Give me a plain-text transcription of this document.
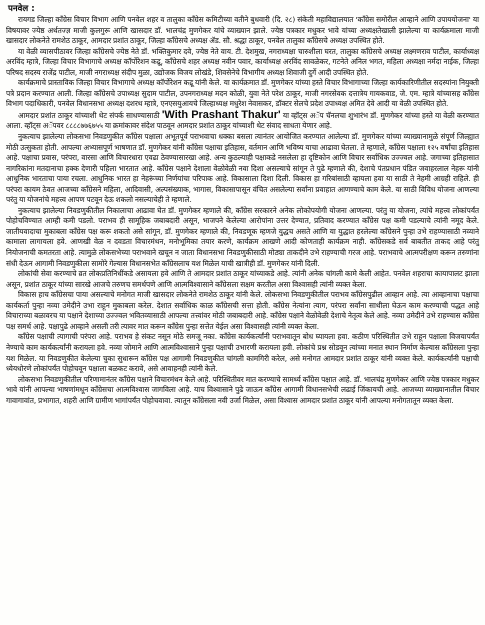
पनवेल :

रायगड जिल्हा काँग्रेस विचार विभाग आणि पनवेल शहर व तालुका काँग्रेस कमिटीच्या वतीने बुधवारी (दि. २८) संकेती महाविद्यालयात 'काँग्रेस समोरील आव्हाने आणि उपाययोजना' या विषयावर ज्येष्ठ अर्थतज्ज्ञ माजी कुलगुरू आणि खासदार डॉ. भालचंद्र मुणगेकर यांचे व्याख्यान झाले. ज्येष्ठ पत्रकार मधुकर भावे यांच्या अध्यक्षतेखाली झालेल्या या कार्यक्रमाला माजी खासदार लोकनेते रामशेठ ठाकूर, आमदार प्रशांत ठाकूर, जिल्हा काँग्रेसचे अध्यक्ष ॲड. सौ. श्रद्धा ठाकूर, पनवेल तालुका काँग्रेसचे अध्यक्ष उपस्थित होते.

या वेळी व्यासपीठावर जिल्हा काँग्रेसचे ज्येष्ठ नेते डॉ. भक्तिकुमार दवे, ज्येष्ठ नेते वाय. टी. देशमुख, नगराध्यक्षा चारुशीला घरत, तालुका काँग्रेसचे अध्यक्ष लक्ष्मणराव पाटील, कार्याध्यक्ष अरविंद म्हात्रे, जिल्हा विचार विभागाचे अध्यक्ष कॉर्पोरेशन कद्रू, काँग्रेसचे शहर अध्यक्ष नवीन पवार, कार्याध्यक्ष अरविंद सावळेकर, गटनेते अनिल भगत, महिला अध्यक्षा नर्मदा नाईक, जिल्हा परिषद सदस्य राजेंद्र पाटील, माजी नगराध्यक्ष संदीप मुळा, उद्योजक विजय लोखंडे, शिवसेनेचे विभागीय अध्यक्ष शिवाजी दुर्गे आदी उपस्थित होते.

कार्यक्रमाचे प्रास्ताविक जिल्हा विचार विभागाचे अध्यक्ष कॉर्पोरेशन कद्रू यांनी केले. या कार्यक्रमात डॉ. मुणगेकर यांच्या हस्ते विचार विभागाच्या जिल्हा कार्यकारिणीतील सदस्यांना नियुक्ती पत्रे प्रदान करण्यात आली. जिल्हा काँग्रेसचे उपाध्यक्ष सुदाम पाटील, उपनगराध्यक्ष मदन कोळी, युवा नेते परेश ठाकूर, माजी नगरसेवक दत्तात्रेय गायकवाड, जे. एम. म्हात्रे यांच्यासह काँग्रेस विभाग पदाधिकारी, पनवेल विधानसभा अध्यक्ष दशरथ म्हात्रे, एनएसयुआयचे जिल्हाध्यक्ष मधुरेश नेवासकर, डॉक्टर सेलचे प्रदेश उपाध्यक्ष अमित देवे आदी या वेळी उपस्थित होते.

आमदार प्रशांत ठाकूर यांच्याशी थेट संपर्क साधण्यासाठी 'With Prashant Thakur' या व्हॉट्स अॅप चॅनलचा शुभारंभ डॉ. मुणगेकर यांच्या हस्ते या वेळी करण्यात आला. व्हॉट्स अॅपवर ८८८८७७६७५५ या क्रमांकावर संदेश पाठवून आमदार प्रशांत ठाकूर यांच्याशी थेट संवाद साधता येणार आहे.

नुकत्याच झालेल्या लोकसभा निवडणुकीत काँग्रेस पक्षाला अभूतपूर्व पराभवाचा धक्का बसला त्यानंतर आयोजित करण्यात आलेल्या डॉ. मुणगेकर यांच्या व्याख्यानामुळे संपूर्ण जिल्ह्यात मोठी उत्सुकता होती. आपल्या अभ्यासपूर्ण भाषणात डॉ. मुणगेकर यांनी काँग्रेस पक्षाचा इतिहास, वर्तमान आणि भविष्य याचा आढावा घेतला. ते म्हणाले, काँग्रेस पक्षाला १२५ वर्षांचा इतिहास आहे. पक्षाचा प्रवास, परंपरा, वारसा आणि विचारधारा एवढा ठेवण्यासारखा आहे. अन्य कुठल्याही पक्षाकडे नसलेला हा दृष्टिकोन आणि विचार सर्वाधिक उज्ज्वल आहे. जगाच्या इतिहासात नागरिकांना मतदानाचा हक्क देणारी पहिला भारतात आहे. काँग्रेस पक्षाने देशाला वेळोवेळी नवा दिशा असल्याचे सांगून ते पुढे म्हणाले की, देशाचे पंतप्रधान पंडित जवाहरलाल नेहरू यांनी आधुनिक भारताचा पाया रचला. आधुनिक भारत हा नेहरूंच्या निर्णयांचा परिपाक आहे. विकासाला दिशा दिली. विकास हा गरिबांसाठी व्हायला हवा या साठी ते नेहमी आग्रही राहिले. ही परंपरा कायम ठेवत आजच्या काँग्रेसने महिला, आदिवासी, अल्पसंख्याक, भागास, विकासापासून वंचित असलेल्या सर्वांना प्रवाहात आणण्याचे काम केले. या साठी विविध योजना आणल्या परंतु या योजनांचे महत्त्व आपण पटवून देऊ शकलो नसल्याचेही ते म्हणाले.

नुकत्याच झालेल्या निवडणुकीतील निकालाचा आढावा घेत डॉ. मुणगेकर म्हणाले की, काँग्रेस सरकारने अनेक लोकोपयोगी योजना आणल्या. परंतु या योजना, त्यांचे महत्त्व लोकांपर्यंत पोहोचविण्यात आम्ही कमी पडलो. पराभव ही सामूहिक जबाबदारी असून, भाजपने केलेल्या आरोपांना उत्तर देण्यात, प्रतिवाद करण्यात काँग्रेस पक्ष कमी पडल्याचे त्यांनी नमूद केले. जातीयवादाचा मुकाबला काँग्रेस पक्ष करू शकतो असे सांगून, डॉ. मुणगेकर म्हणाले की, निवडणूक म्हणजे युद्धच असते आणि या युद्धात हरलेल्या काँग्रेसने पुन्हा उभे राहण्यासाठी नव्याने कामाला लागायला हवे. आणखी वेळ न दवडता विचारमंथन, मनोभूमिका तयार करणे, कार्यक्रम आखणे आदी कोणताही कार्यक्रम नाही. काँग्रेसकडे सर्व बाबतीत ताकद आहे परंतु नियोजनाची कमतरता आहे. त्यामुळे लोकसभेच्या पराभवाने खचून न जाता विधानसभा निवडणुकीसाठी मोठ्या ताकदीने उभे राहण्याची गरज आहे. पराभवाचे आत्मपरीक्षण करून तरुणांना संधी देऊन आगामी निवडणुकीला सामोरे गेल्यास विधानसभेत काँग्रेसलाच यश मिळेल याची खात्रीही डॉ. मुणगेकर यांनी दिली.

लोकांची सेवा करण्याचे व्रत लोकप्रतिनिधींकडे असायला हवे आणि ते आमदार प्रशांत ठाकूर यांच्याकडे आहे. त्यांनी अनेक चांगली कामे केली आहेत. पनवेल शहराचा कायापालट झाला असून, प्रशांत ठाकूर यांच्या सारखे आजचे तरुणच समर्थपणे आणि आत्मविश्वासाने काँग्रेसला सक्षम करतील असा विश्वासही त्यांनी व्यक्त केला.

विकास हाच काँग्रेसचा पाया असल्याचे मनोगत माजी खासदार लोकनेते रामशेठ ठाकूर यांनी केले. लोकसभा निवडणुकीतील पराभव काँग्रेसपुढील आव्हान आहे. त्या आव्हानाचा पक्षाचा कार्यकर्ता पुन्हा नव्या उमेदीने उभा राहून मुकाबला करेल. देशात सर्वाधिक काळ काँग्रेसची सत्ता होती. काँग्रेस नेत्यांना त्याग, परंपरा सर्वांना साथीला घेऊन काम करण्याची पद्धत आहे विचाराच्या बळावरच या पक्षाने देशाच्या उज्ज्वल भवितव्यासाठी आपल्या तत्त्वांवर मोठी जबाबदारी आहे. काँग्रेस पक्षाने वेळोवेळी देशाचे नेतृत्व केले आहे. नव्या उमेदीने उभे राहण्यास काँग्रेस पक्ष समर्थ आहे. पक्षापुढे आव्हाने असली तरी त्यावर मात करून काँग्रेस पुन्हा सत्तेत येईल असा विश्वासही त्यांनी व्यक्त केला.

काँग्रेस पक्षाची त्यागाची परंपरा आहे. पराभव हे संकट नसून मोठे समजू नका. काँग्रेस कार्यकर्त्यांनी पराभवातून बोध घ्यायला हवा. कठीण परिस्थितीत उभे राहून पक्षाला विजयापर्यंत नेण्याचे काम कार्यकर्त्यांनी करायला हवे. नव्या जोमाने आणि आत्मविश्वासाने पुन्हा पक्षाची उभारणी करायला हवी. लोकांचे प्रश्न सोडवून त्यांच्या मनात स्थान निर्माण केल्यास काँग्रेसला पुन्हा यश मिळेल. या निवडणुकीत केलेल्या चुका सुधारून काँग्रेस पक्ष आगामी निवडणुकीत चांगली कामगिरी करेल, असे मनोगत आमदार प्रशांत ठाकूर यांनी व्यक्त केले. कार्यकर्त्यांनी पक्षाची ध्येयधोरणे लोकांपर्यंत पोहोचवून पक्षाला बळकट करावे, असे आवाहनही त्यांनी केले.

लोकसभा निवडणुकीतील परिणामानंतर काँग्रेस पक्षाने विचारमंथन केले आहे. परिस्थितीवर मात करण्याचे सामर्थ्य काँग्रेस पक्षात आहे. डॉ. भालचंद्र मुणगेकर आणि ज्येष्ठ पत्रकार मधुकर भावे यांनी आपल्या भाषणांमधून काँग्रेसचा आत्मविश्वास जागविला आहे. याच विश्वासाने पुढे जाऊन काँग्रेस आगामी विधानसभेची लढाई जिंकायची आहे. आजच्या व्याख्यानातील विचार गावागावांत, प्रभागात, शहरी आणि ग्रामीण भागांपर्यंत पोहोचवावा. त्यातून काँग्रेसला नवी उर्जा मिळेल, असा विश्वास आमदार प्रशांत ठाकूर यांनी आपल्या मनोगतातून व्यक्त केला.
